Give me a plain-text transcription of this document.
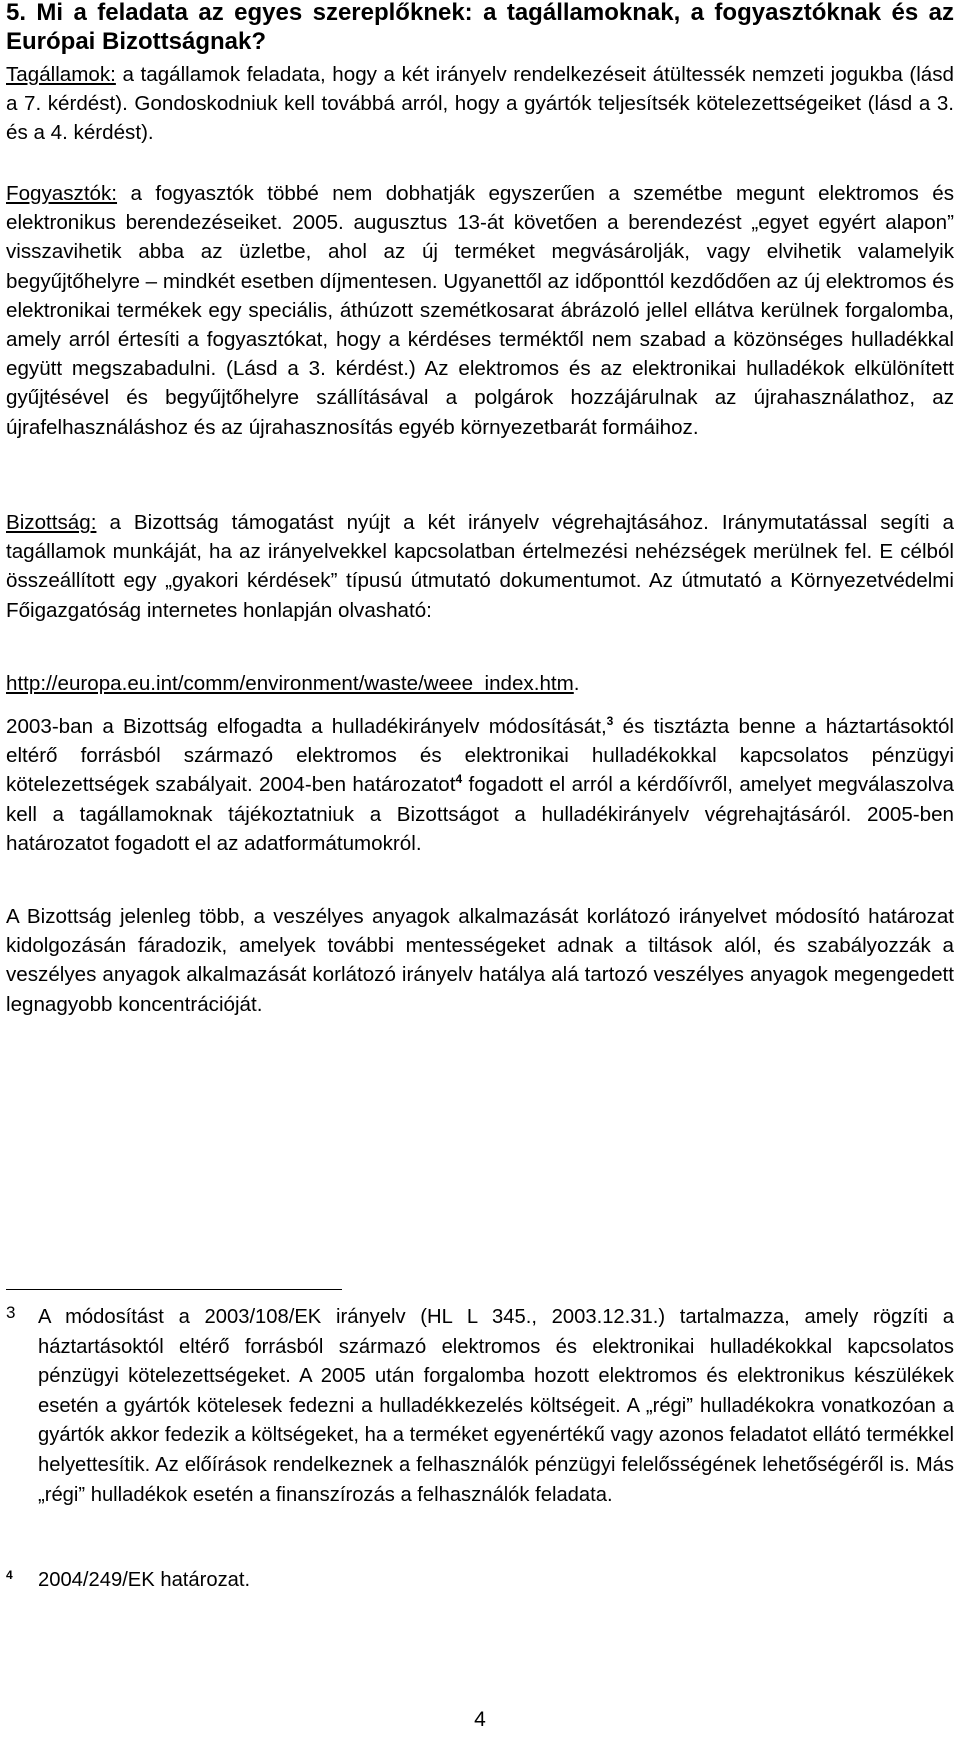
5. Mi a feladata az egyes szereplőknek: a tagállamoknak, a fogyasztóknak és az Európai Bizottságnak?

Tagállamok: a tagállamok feladata, hogy a két irányelv rendelkezéseit átültessék nemzeti jogukba (lásd a 7. kérdést). Gondoskodniuk kell továbbá arról, hogy a gyártók teljesítsék kötelezettségeiket (lásd a 3. és a 4. kérdést).

Fogyasztók: a fogyasztók többé nem dobhatják egyszerűen a szemétbe megunt elektromos és elektronikus berendezéseiket. 2005. augusztus 13-át követően a berendezést „egyet egyért alapon” visszavihetik abba az üzletbe, ahol az új terméket megvásárolják, vagy elvihetik valamelyik begyűjtőhelyre – mindkét esetben díjmentesen. Ugyanettől az időponttól kezdődően az új elektromos és elektronikai termékek egy speciális, áthúzott szemétkosarat ábrázoló jellel ellátva kerülnek forgalomba, amely arról értesíti a fogyasztókat, hogy a kérdéses terméktől nem szabad a közönséges hulladékkal együtt megszabadulni. (Lásd a 3. kérdést.) Az elektromos és az elektronikai hulladékok elkülönített gyűjtésével és begyűjtőhelyre szállításával a polgárok hozzájárulnak az újrahasználathoz, az újrafelhasználáshoz és az újrahasznosítás egyéb környezetbarát formáihoz.

Bizottság: a Bizottság támogatást nyújt a két irányelv végrehajtásához. Iránymutatással segíti a tagállamok munkáját, ha az irányelvekkel kapcsolatban értelmezési nehézségek merülnek fel. E célból összeállított egy „gyakori kérdések” típusú útmutató dokumentumot. Az útmutató a Környezetvédelmi Főigazgatóság internetes honlapján olvasható:

http://europa.eu.int/comm/environment/waste/weee_index.htm.

2003-ban a Bizottság elfogadta a hulladékirányelv módosítását,$^3$ és tisztázta benne a háztartásoktól eltérő forrásból származó elektromos és elektronikai hulladékokkal kapcsolatos pénzügyi kötelezettségek szabályait. 2004-ben határozatot$^4$ fogadott el arról a kérdőívről, amelyet megválaszolva kell a tagállamoknak tájékoztatniuk a Bizottságot a hulladékirányelv végrehajtásáról. 2005-ben határozatot fogadott el az adatformátumokról.

A Bizottság jelenleg több, a veszélyes anyagok alkalmazását korlátozó irányelvet módosító határozat kidolgozásán fáradozik, amelyek további mentességeket adnak a tiltások alól, és szabályozzák a veszélyes anyagok alkalmazását korlátozó irányelv hatálya alá tartozó veszélyes anyagok megengedett legnagyobb koncentrációját.

3 A módosítást a 2003/108/EK irányelv (HL L 345., 2003.12.31.) tartalmazza, amely rögzíti a háztartásoktól eltérő forrásból származó elektromos és elektronikai hulladékokkal kapcsolatos pénzügyi kötelezettségeket. A 2005 után forgalomba hozott elektromos és elektronikus készülékek esetén a gyártók kötelesek fedezni a hulladékkezelés költségeit. A „régi” hulladékokra vonatkozóan a gyártók akkor fedezik a költségeket, ha a terméket egyenértékű vagy azonos feladatot ellátó termékkel helyettesítik. Az előírások rendelkeznek a felhasználók pénzügyi felelősségének lehetőségéről is. Más „régi” hulladékok esetén a finanszírozás a felhasználók feladata.
4 2004/249/EK határozat.
4
